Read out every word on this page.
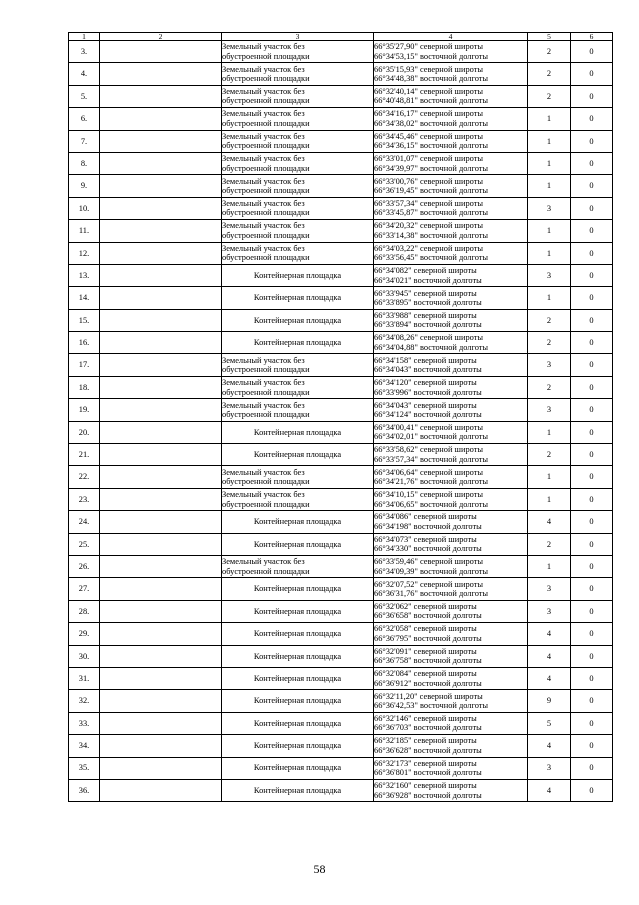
1	2	3	4	5	6
3.		Земельный участок без
обустроенной площадки	66°35'27,90" северной широты
66°34'53,15" восточной долготы	2	0
4.		Земельный участок без
обустроенной площадки	66°35'15,93" северной широты
66°34'48,38" восточной долготы	2	0
5.		Земельный участок без
обустроенной площадки	66°32'40,14" северной широты
66°40'48,81" восточной долготы	2	0
6.		Земельный участок без
обустроенной площадки	66°34'16,17" северной широты
66°34'38,02" восточной долготы	1	0
7.		Земельный участок без
обустроенной площадки	66°34'45,46" северной широты
66°34'36,15" восточной долготы	1	0
8.		Земельный участок без
обустроенной площадки	66°33'01,07" северной широты
66°34'39,97" восточной долготы	1	0
9.		Земельный участок без
обустроенной площадки	66°33'00,76" северной широты
66°36'19,45" восточной долготы	1	0
10.		Земельный участок без
обустроенной площадки	66°33'57,34" северной широты
66°33'45,87" восточной долготы	3	0
11.		Земельный участок без
обустроенной площадки	66°34'20,32" северной широты
66°33'14,38" восточной долготы	1	0
12.		Земельный участок без
обустроенной площадки	66°34'03,22" северной широты
66°33'56,45" восточной долготы	1	0
13.		Контейнерная площадка	66°34'082" северной широты
66°34'021" восточной долготы	3	0
14.		Контейнерная площадка	66°33'945" северной широты
66°33'895" восточной долготы	1	0
15.		Контейнерная площадка	66°33'988" северной широты
66°33'894" восточной долготы	2	0
16.		Контейнерная площадка	66°34'08,26" северной широты
66°34'04,88" восточной долготы	2	0
17.		Земельный участок без
обустроенной площадки	66°34'158" северной широты
66°34'043" восточной долготы	3	0
18.		Земельный участок без
обустроенной площадки	66°34'120" северной широты
66°33'996" восточной долготы	2	0
19.		Земельный участок без
обустроенной площадки	66°34'043" северной широты
66°34'124" восточной долготы	3	0
20.		Контейнерная площадка	66°34'00,41" северной широты
66°34'02,01" восточной долготы	1	0
21.		Контейнерная площадка	66°33'58,62" северной широты
66°33'57,34" восточной долготы	2	0
22.		Земельный участок без
обустроенной площадки	66°34'06,64" северной широты
66°34'21,76" восточной долготы	1	0
23.		Земельный участок без
обустроенной площадки	66°34'10,15" северной широты
66°34'06,65" восточной долготы	1	0
24.		Контейнерная площадка	66°34'086" северной широты
66°34'198" восточной долготы	4	0
25.		Контейнерная площадка	66°34'073" северной широты
66°34'330" восточной долготы	2	0
26.		Земельный участок без
обустроенной площадки	66°33'59,46" северной широты
66°34'09,39" восточной долготы	1	0
27.		Контейнерная площадка	66°32'07,52" северной широты
66°36'31,76" восточной долготы	3	0
28.		Контейнерная площадка	66°32'062" северной широты
66°36'658" восточной долготы	3	0
29.		Контейнерная площадка	66°32'058" северной широты
66°36'795" восточной долготы	4	0
30.		Контейнерная площадка	66°32'091" северной широты
66°36'758" восточной долготы	4	0
31.		Контейнерная площадка	66°32'084" северной широты
66°36'912" восточной долготы	4	0
32.		Контейнерная площадка	66°32'11,20" северной широты
66°36'42,53" восточной долготы	9	0
33.		Контейнерная площадка	66°32'146" северной широты
66°36'703" восточной долготы	5	0
34.		Контейнерная площадка	66°32'185" северной широты
66°36'628" восточной долготы	4	0
35.		Контейнерная площадка	66°32'173" северной широты
66°36'801" восточной долготы	3	0
36.		Контейнерная площадка	66°32'160" северной широты
66°36'928" восточной долготы	4	0
58
